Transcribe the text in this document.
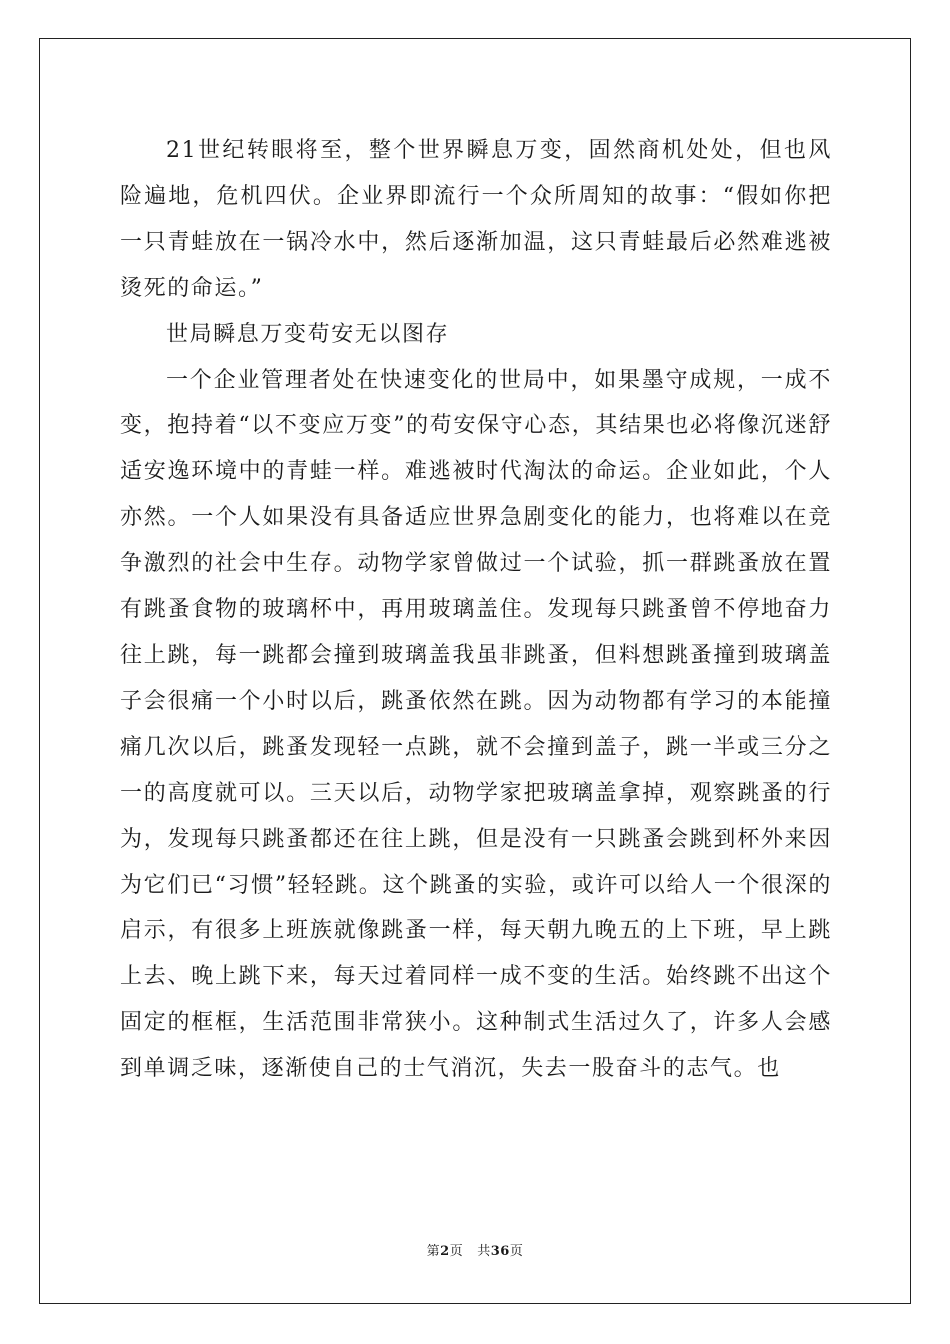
21世纪转眼将至，整个世界瞬息万变，固然商机处处，但也风险遍地，危机四伏。企业界即流行一个众所周知的故事：“假如你把一只青蛙放在一锅冷水中，然后逐渐加温，这只青蛙最后必然难逃被烫死的命运。”

世局瞬息万变苟安无以图存

一个企业管理者处在快速变化的世局中，如果墨守成规，一成不变，抱持着“以不变应万变”的苟安保守心态，其结果也必将像沉迷舒适安逸环境中的青蛙一样。难逃被时代淘汰的命运。企业如此，个人亦然。一个人如果没有具备适应世界急剧变化的能力，也将难以在竞争激烈的社会中生存。动物学家曾做过一个试验，抓一群跳蚤放在置有跳蚤食物的玻璃杯中，再用玻璃盖住。发现每只跳蚤曾不停地奋力往上跳，每一跳都会撞到玻璃盖我虽非跳蚤，但料想跳蚤撞到玻璃盖子会很痛一个小时以后，跳蚤依然在跳。因为动物都有学习的本能撞痛几次以后，跳蚤发现轻一点跳，就不会撞到盖子，跳一半或三分之一的高度就可以。三天以后，动物学家把玻璃盖拿掉，观察跳蚤的行为，发现每只跳蚤都还在往上跳，但是没有一只跳蚤会跳到杯外来因为它们已“习惯”轻轻跳。这个跳蚤的实验，或许可以给人一个很深的启示，有很多上班族就像跳蚤一样，每天朝九晚五的上下班，早上跳上去、晚上跳下来，每天过着同样一成不变的生活。始终跳不出这个固定的框框，生活范围非常狭小。这种制式生活过久了，许多人会感到单调乏味，逐渐使自己的士气消沉，失去一股奋斗的志气。也

第2页 共36页
